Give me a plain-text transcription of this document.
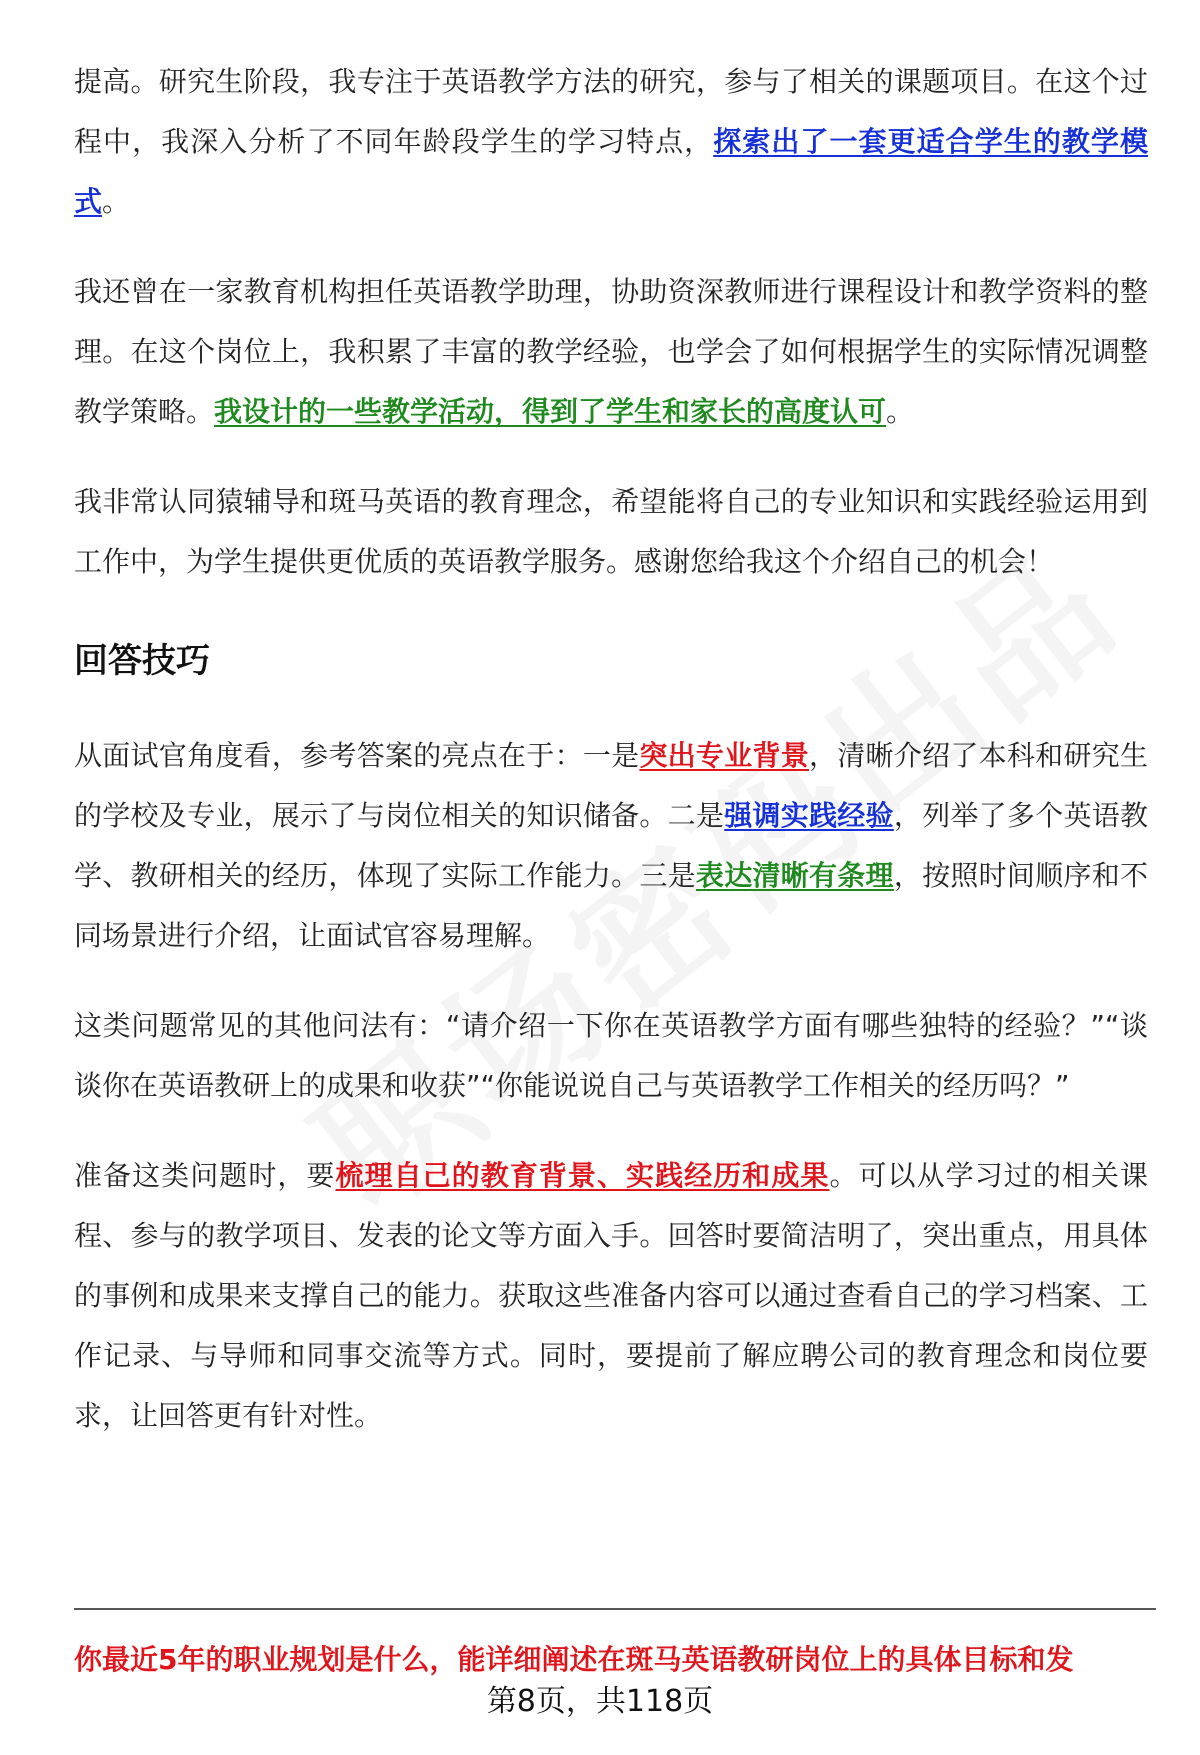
提高。研究生阶段，我专注于英语教学方法的研究，参与了相关的课题项目。在这个过程中，我深入分析了不同年龄段学生的学习特点，探索出了一套更适合学生的教学模式。

我还曾在一家教育机构担任英语教学助理，协助资深教师进行课程设计和教学资料的整理。在这个岗位上，我积累了丰富的教学经验，也学会了如何根据学生的实际情况调整教学策略。我设计的一些教学活动，得到了学生和家长的高度认可。

我非常认同猿辅导和斑马英语的教育理念，希望能将自己的专业知识和实践经验运用到工作中，为学生提供更优质的英语教学服务。感谢您给我这个介绍自己的机会！

回答技巧

从面试官角度看，参考答案的亮点在于：一是突出专业背景，清晰介绍了本科和研究生的学校及专业，展示了与岗位相关的知识储备。二是强调实践经验，列举了多个英语教学、教研相关的经历，体现了实际工作能力。三是表达清晰有条理，按照时间顺序和不同场景进行介绍，让面试官容易理解。

这类问题常见的其他问法有：“请介绍一下你在英语教学方面有哪些独特的经验？”“谈谈你在英语教研上的成果和收获”“你能说说自己与英语教学工作相关的经历吗？”

准备这类问题时，要梳理自己的教育背景、实践经历和成果。可以从学习过的相关课程、参与的教学项目、发表的论文等方面入手。回答时要简洁明了，突出重点，用具体的事例和成果来支撑自己的能力。获取这些准备内容可以通过查看自己的学习档案、工作记录、与导师和同事交流等方式。同时，要提前了解应聘公司的教育理念和岗位要求，让回答更有针对性。

你最近5年的职业规划是什么，能详细阐述在斑马英语教研岗位上的具体目标和发
第8页，共118页
